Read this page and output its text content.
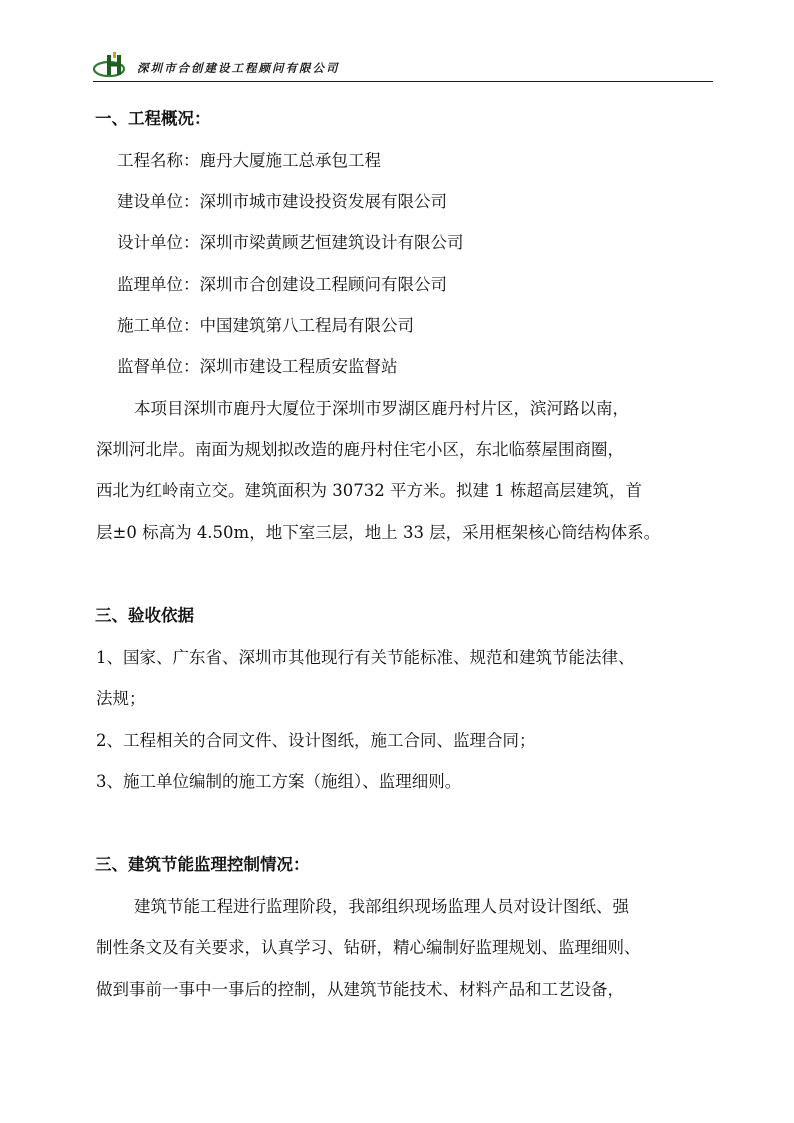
深圳市合创建设工程顾问有限公司
一、工程概况：
工程名称：鹿丹大厦施工总承包工程
建设单位：深圳市城市建设投资发展有限公司
设计单位：深圳市梁黄顾艺恒建筑设计有限公司
监理单位：深圳市合创建设工程顾问有限公司
施工单位：中国建筑第八工程局有限公司
监督单位：深圳市建设工程质安监督站
本项目深圳市鹿丹大厦位于深圳市罗湖区鹿丹村片区，滨河路以南，
深圳河北岸。南面为规划拟改造的鹿丹村住宅小区，东北临蔡屋围商圈，
西北为红岭南立交。建筑面积为 30732 平方米。拟建 1 栋超高层建筑，首
层±0 标高为 4.50m，地下室三层，地上 33 层，采用框架核心筒结构体系。
三、验收依据
1、国家、广东省、深圳市其他现行有关节能标准、规范和建筑节能法律、
法规；
2、工程相关的合同文件、设计图纸，施工合同、监理合同；
3、施工单位编制的施工方案（施组）、监理细则。
三、建筑节能监理控制情况：
建筑节能工程进行监理阶段，我部组织现场监理人员对设计图纸、强
制性条文及有关要求，认真学习、钻研，精心编制好监理规划、监理细则、
做到事前一事中一事后的控制，从建筑节能技术、材料产品和工艺设备，
